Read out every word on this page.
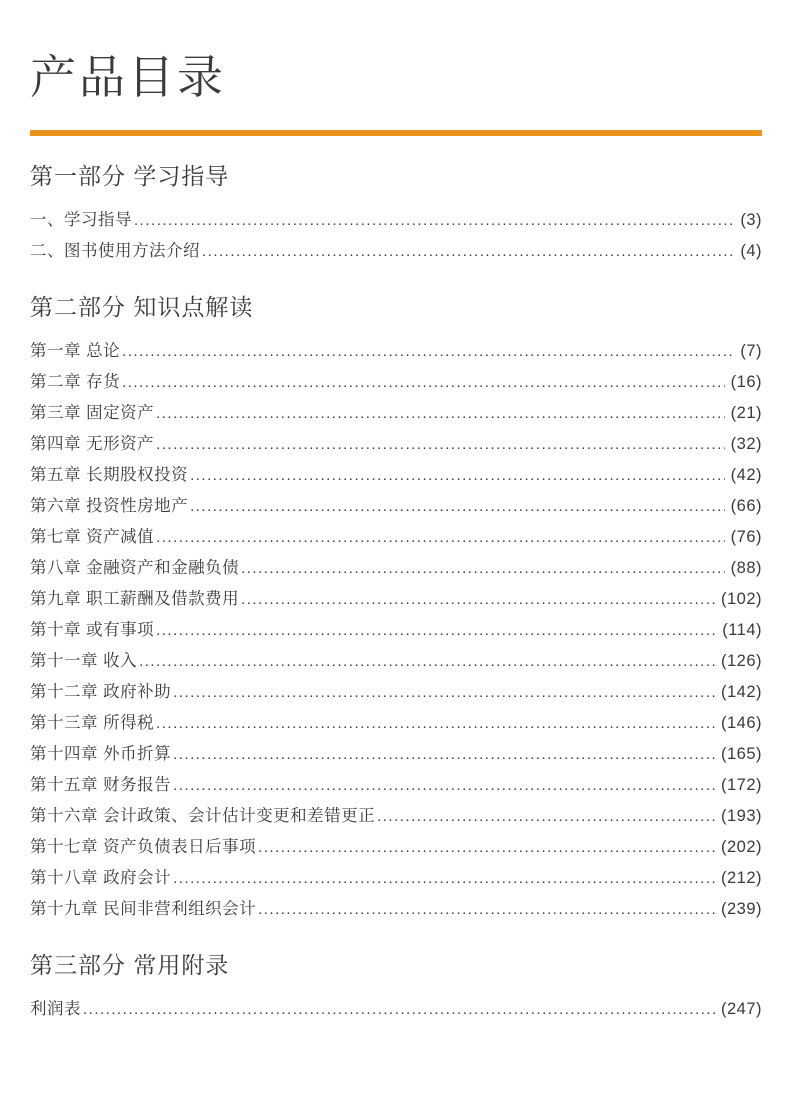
产品目录
第一部分 学习指导
一、学习指导 .....	(3)
二、图书使用方法介绍 .....	(4)
第二部分 知识点解读
第一章 总论 .....	(7)
第二章 存货 .....	(16)
第三章 固定资产 .....	(21)
第四章 无形资产 .....	(32)
第五章 长期股权投资 .....	(42)
第六章 投资性房地产 .....	(66)
第七章 资产减值 .....	(76)
第八章 金融资产和金融负债 .....	(88)
第九章 职工薪酬及借款费用 .....	(102)
第十章 或有事项 .....	(114)
第十一章 收入 .....	(126)
第十二章 政府补助 .....	(142)
第十三章 所得税 .....	(146)
第十四章 外币折算 .....	(165)
第十五章 财务报告 .....	(172)
第十六章 会计政策、会计估计变更和差错更正 .....	(193)
第十七章 资产负债表日后事项 .....	(202)
第十八章 政府会计 .....	(212)
第十九章 民间非营利组织会计 .....	(239)
第三部分 常用附录
利润表 .....	(247)
